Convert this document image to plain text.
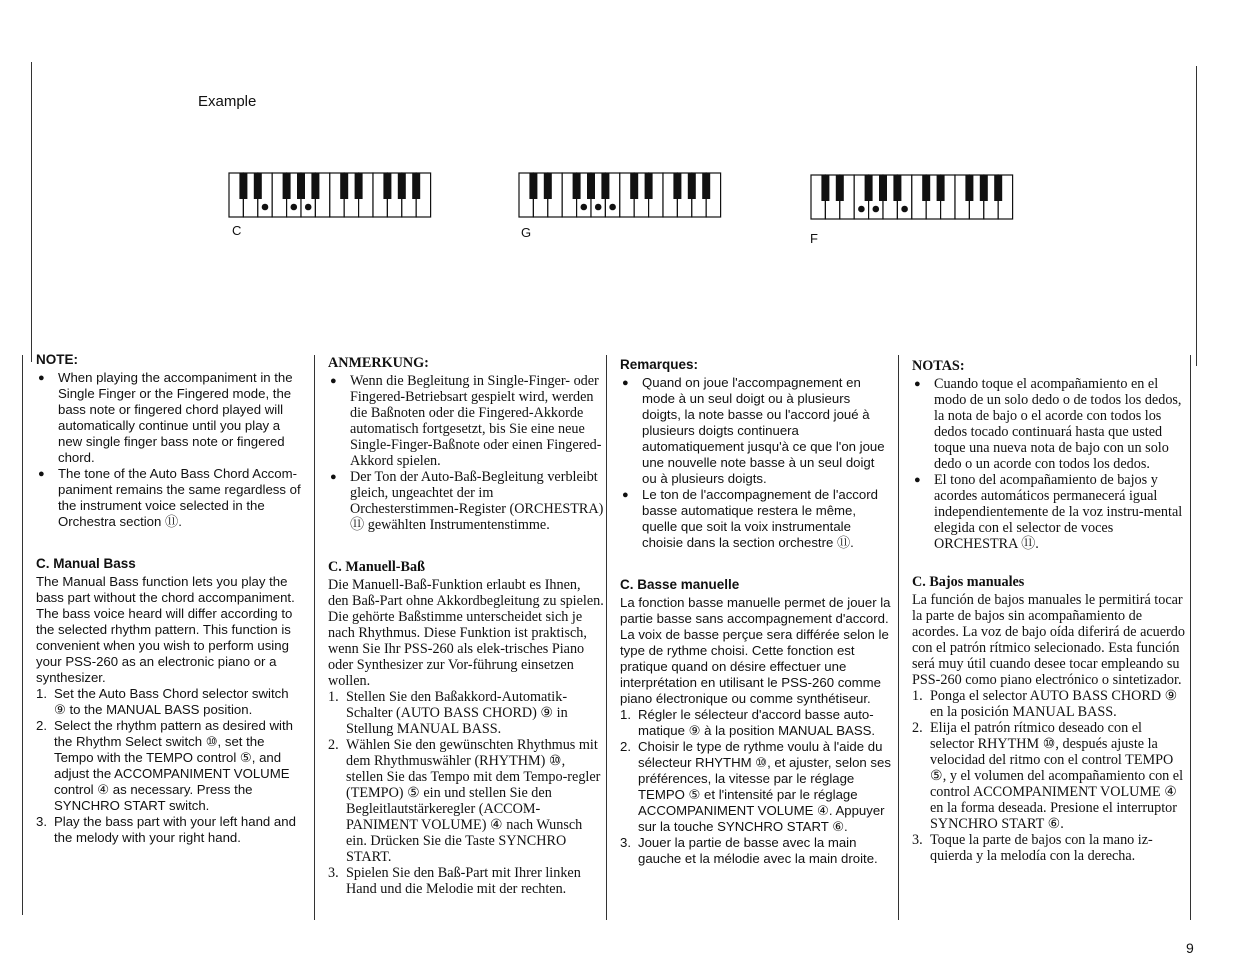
Example
C	G	F
NOTE:

● When playing the accompaniment in the Single Finger or the Fingered mode, the bass note or fingered chord played will automatically continue until you play a new single finger bass note or fingered chord.

● The tone of the Auto Bass Chord Accom-paniment remains the same regardless of the instrument voice selected in the Orchestra section ⑪.

C. Manual Bass

The Manual Bass function lets you play the bass part without the chord accompaniment. The bass voice heard will differ according to the selected rhythm pattern. This function is convenient when you wish to perform using your PSS-260 as an electronic piano or a synthesizer.

1. Set the Auto Bass Chord selector switch ⑨ to the MANUAL BASS position.
2. Select the rhythm pattern as desired with the Rhythm Select switch ⑩, set the Tempo with the TEMPO control ⑤, and adjust the ACCOMPANIMENT VOLUME control ④ as necessary. Press the SYNCHRO START switch.
3. Play the bass part with your left hand and the melody with your right hand.
ANMERKUNG:

● Wenn die Begleitung in Single-Finger- oder Fingered-Betriebsart gespielt wird, werden die Baßnoten oder die Fingered-Akkorde automatisch fortgesetzt, bis Sie eine neue Single-Finger-Baßnote oder einen Fingered-Akkord spielen.

● Der Ton der Auto-Baß-Begleitung verbleibt gleich, ungeachtet der im Orchesterstimmen-Register (ORCHESTRA) ⑪ gewählten Instrumentenstimme.

C. Manuell-Baß

Die Manuell-Baß-Funktion erlaubt es Ihnen, den Baß-Part ohne Akkordbegleitung zu spielen. Die gehörte Baßstimme unterscheidet sich je nach Rhythmus. Diese Funktion ist praktisch, wenn Sie Ihr PSS-260 als elek-trisches Piano oder Synthesizer zur Vor-führung einsetzen wollen.

1. Stellen Sie den Baßakkord-Automatik-Schalter (AUTO BASS CHORD) ⑨ in Stellung MANUAL BASS.
2. Wählen Sie den gewünschten Rhythmus mit dem Rhythmuswähler (RHYTHM) ⑩, stellen Sie das Tempo mit dem Tempo-regler (TEMPO) ⑤ ein und stellen Sie den Begleitlautstärkeregler (ACCOM-PANIMENT VOLUME) ④ nach Wunsch ein. Drücken Sie die Taste SYNCHRO START.
3. Spielen Sie den Baß-Part mit Ihrer linken Hand und die Melodie mit der rechten.
Remarques:

● Quand on joue l'accompagnement en mode à un seul doigt ou à plusieurs doigts, la note basse ou l'accord joué à plusieurs doigts continuera automatiquement jusqu'à ce que l'on joue une nouvelle note basse à un seul doigt ou à plusieurs doigts.

● Le ton de l'accompagnement de l'accord basse automatique restera le même, quelle que soit la voix instrumentale choisie dans la section orchestre ⑪.

C. Basse manuelle

La fonction basse manuelle permet de jouer la partie basse sans accompagnement d'accord. La voix de basse perçue sera différée selon le type de rythme choisi. Cette fonction est pratique quand on désire effectuer une interprétation en utilisant le PSS-260 comme piano électronique ou comme synthétiseur.

1. Régler le sélecteur d'accord basse auto-matique ⑨ à la position MANUAL BASS.
2. Choisir le type de rythme voulu à l'aide du sélecteur RHYTHM ⑩, et ajuster, selon ses préférences, la vitesse par le réglage TEMPO ⑤ et l'intensité par le réglage ACCOMPANIMENT VOLUME ④. Appuyer sur la touche SYNCHRO START ⑥.
3. Jouer la partie de basse avec la main gauche et la mélodie avec la main droite.
NOTAS:

● Cuando toque el acompañamiento en el modo de un solo dedo o de todos los dedos, la nota de bajo o el acorde con todos los dedos tocado continuará hasta que usted toque una nueva nota de bajo con un solo dedo o un acorde con todos los dedos.

● El tono del acompañamiento de bajos y acordes automáticos permanecerá igual independientemente de la voz instru-mental elegida con el selector de voces ORCHESTRA ⑪.

C. Bajos manuales

La función de bajos manuales le permitirá tocar la parte de bajos sin acompañamiento de acordes. La voz de bajo oída diferirá de acuerdo con el patrón rítmico selecionado. Esta función será muy útil cuando desee tocar empleando su PSS-260 como piano electrónico o sintetizador.

1. Ponga el selector AUTO BASS CHORD ⑨ en la posición MANUAL BASS.
2. Elija el patrón rítmico deseado con el selector RHYTHM ⑩, después ajuste la velocidad del ritmo con el control TEMPO ⑤, y el volumen del acompañamiento con el control ACCOMPANIMENT VOLUME ④ en la forma deseada. Presione el interruptor SYNCHRO START ⑥.
3. Toque la parte de bajos con la mano iz-quierda y la melodía con la derecha.
9
